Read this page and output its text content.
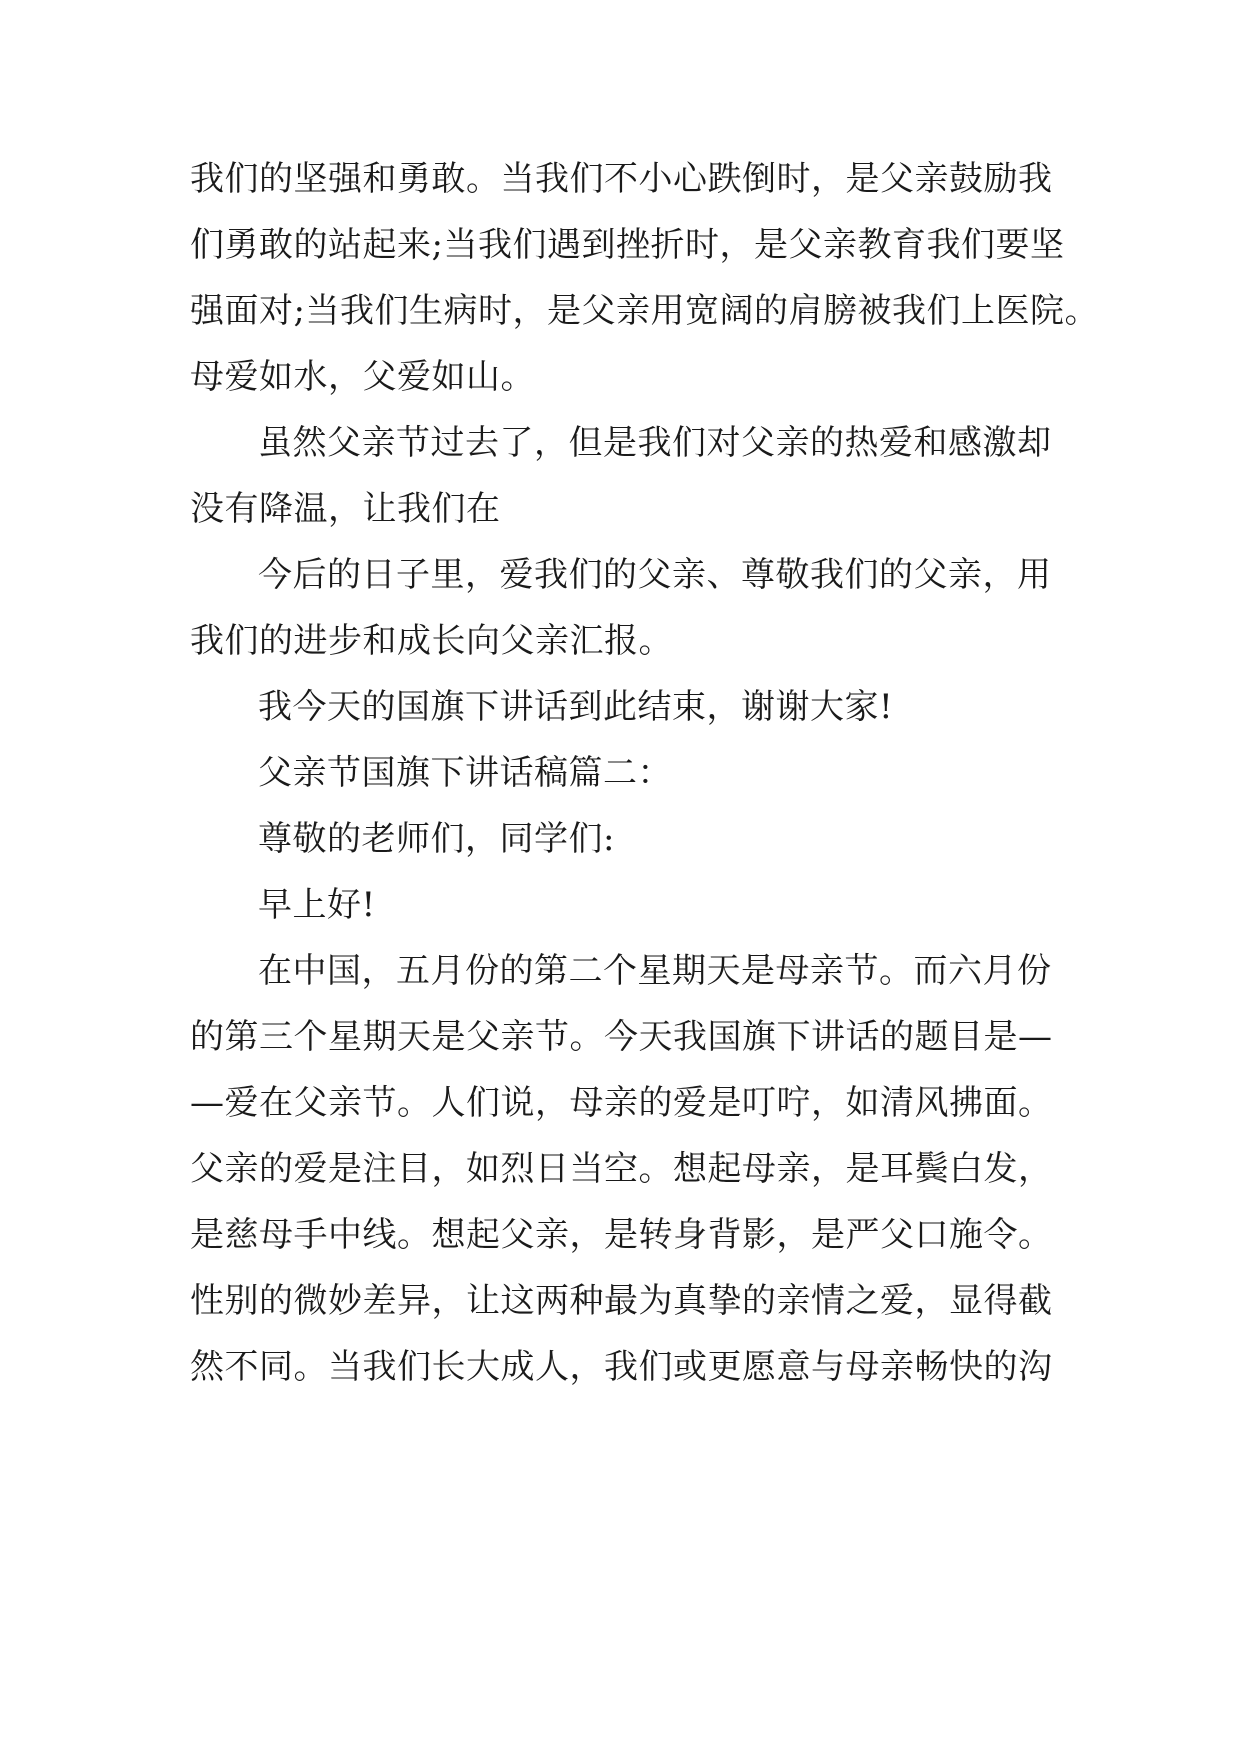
我们的坚强和勇敢。当我们不小心跌倒时，是父亲鼓励我
们勇敢的站起来;当我们遇到挫折时，是父亲教育我们要坚
强面对;当我们生病时，是父亲用宽阔的肩膀被我们上医院。
母爱如水，父爱如山。
虽然父亲节过去了，但是我们对父亲的热爱和感激却
没有降温，让我们在
今后的日子里，爱我们的父亲、尊敬我们的父亲，用
我们的进步和成长向父亲汇报。
我今天的国旗下讲话到此结束，谢谢大家!
父亲节国旗下讲话稿篇二：
尊敬的老师们，同学们:
早上好!
在中国，五月份的第二个星期天是母亲节。而六月份
的第三个星期天是父亲节。今天我国旗下讲话的题目是—
—爱在父亲节。人们说，母亲的爱是叮咛，如清风拂面。
父亲的爱是注目，如烈日当空。想起母亲，是耳鬓白发，
是慈母手中线。想起父亲，是转身背影，是严父口施令。
性别的微妙差异，让这两种最为真挚的亲情之爱，显得截
然不同。当我们长大成人，我们或更愿意与母亲畅快的沟
